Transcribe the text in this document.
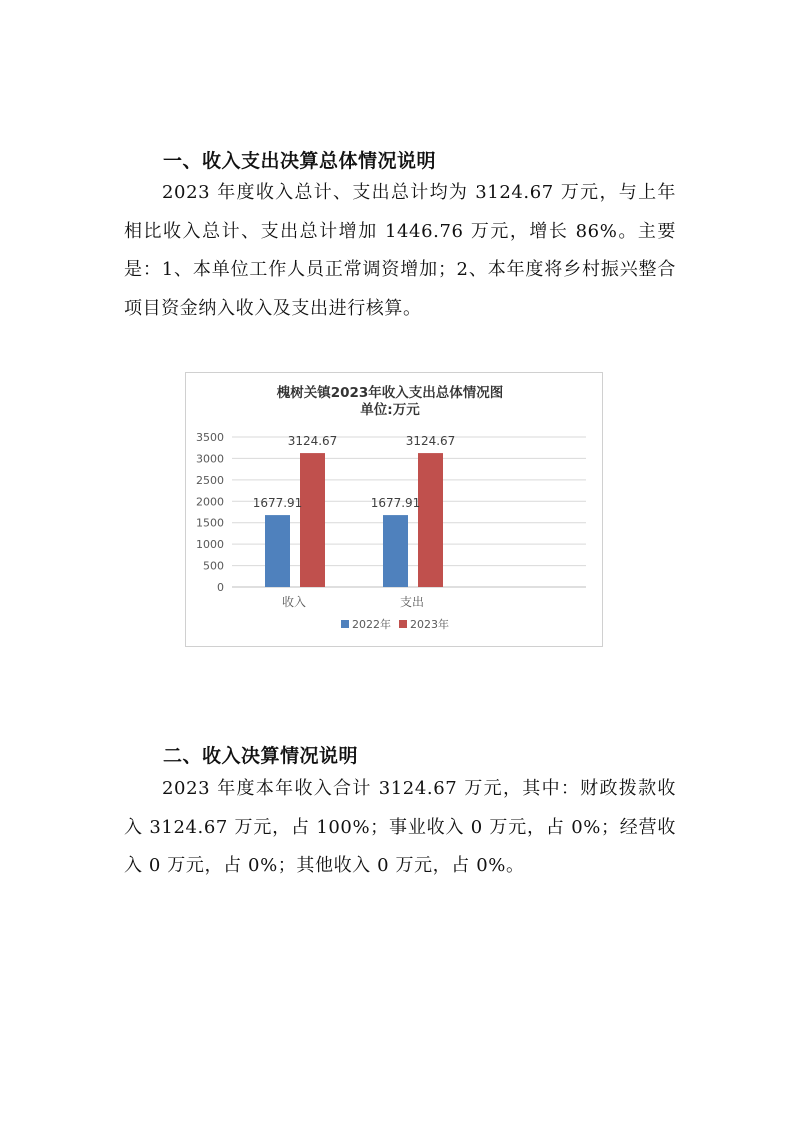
一、收入支出决算总体情况说明

2023 年度收入总计、支出总计均为 3124.67 万元，与上年相比收入总计、支出总计增加 1446.76 万元，增长 86%。主要是：1、本单位工作人员正常调资增加；2、本年度将乡村振兴整合项目资金纳入收入及支出进行核算。

槐树关镇2023年收入支出总体情况图
单位:万元
1677.91
3124.67
1677.91
3124.67
0
500
1000
1500
2000
2500
3000
3500
收入	支出
2022年 2023年
二、收入决算情况说明

2023 年度本年收入合计 3124.67 万元，其中：财政拨款收入 3124.67 万元，占 100%；事业收入 0 万元，占 0%；经营收入 0 万元，占 0%；其他收入 0 万元，占 0%。
